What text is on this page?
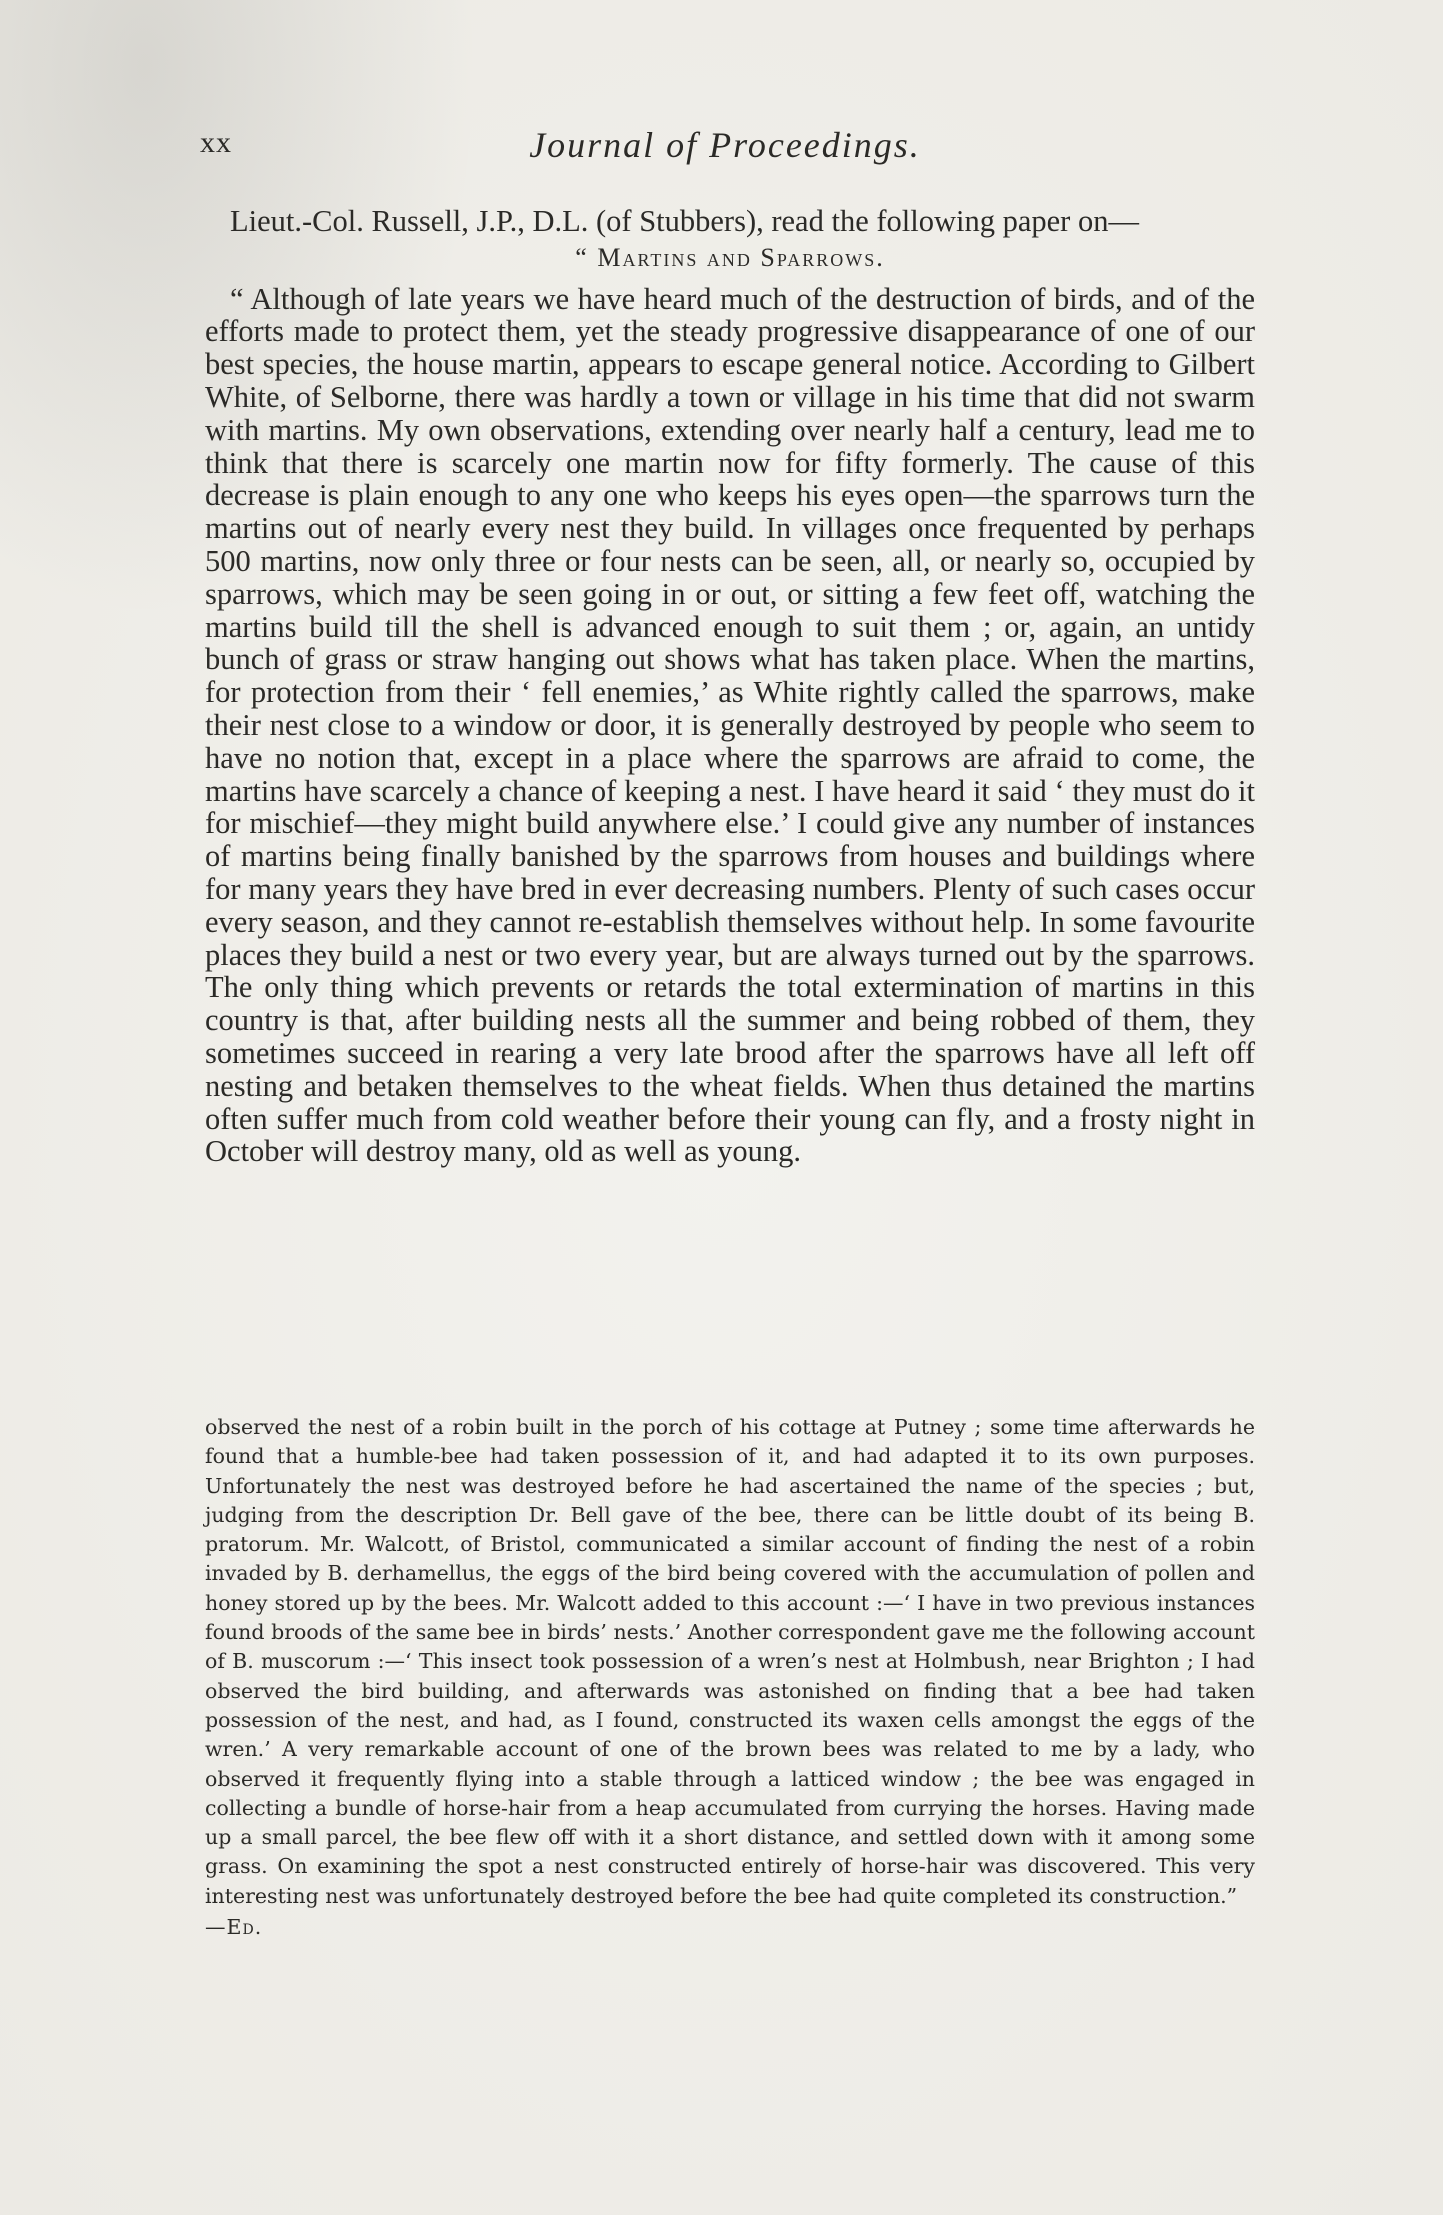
xx	Journal of Proceedings.

Lieut.-Col. Russell, J.P., D.L. (of Stubbers), read the following paper on—

“ Martins and Sparrows.

“ Although of late years we have heard much of the destruction of birds, and of the efforts made to protect them, yet the steady progressive disappearance of one of our best species, the house martin, appears to escape general notice. According to Gilbert White, of Selborne, there was hardly a town or village in his time that did not swarm with martins. My own observations, extending over nearly half a century, lead me to think that there is scarcely one martin now for fifty formerly. The cause of this decrease is plain enough to any one who keeps his eyes open—the sparrows turn the martins out of nearly every nest they build. In villages once frequented by perhaps 500 martins, now only three or four nests can be seen, all, or nearly so, occupied by sparrows, which may be seen going in or out, or sitting a few feet off, watching the martins build till the shell is advanced enough to suit them ; or, again, an untidy bunch of grass or straw hanging out shows what has taken place. When the martins, for protection from their ‘ fell enemies,’ as White rightly called the sparrows, make their nest close to a window or door, it is generally destroyed by people who seem to have no notion that, except in a place where the sparrows are afraid to come, the martins have scarcely a chance of keeping a nest. I have heard it said ‘ they must do it for mischief—they might build anywhere else.’ I could give any number of instances of martins being finally banished by the sparrows from houses and buildings where for many years they have bred in ever decreasing numbers. Plenty of such cases occur every season, and they cannot re-establish themselves without help. In some favourite places they build a nest or two every year, but are always turned out by the sparrows. The only thing which prevents or retards the total extermination of martins in this country is that, after building nests all the summer and being robbed of them, they sometimes succeed in rearing a very late brood after the sparrows have all left off nesting and betaken themselves to the wheat fields. When thus detained the martins often suffer much from cold weather before their young can fly, and a frosty night in October will destroy many, old as well as young.

observed the nest of a robin built in the porch of his cottage at Putney ; some time afterwards he found that a humble-bee had taken possession of it, and had adapted it to its own purposes. Unfortunately the nest was destroyed before he had ascertained the name of the species ; but, judging from the description Dr. Bell gave of the bee, there can be little doubt of its being B. pratorum. Mr. Walcott, of Bristol, communicated a similar account of finding the nest of a robin invaded by B. derhamellus, the eggs of the bird being covered with the accumulation of pollen and honey stored up by the bees. Mr. Walcott added to this account :—‘ I have in two previous instances found broods of the same bee in birds’ nests.’ Another correspondent gave me the following account of B. muscorum :—‘ This insect took possession of a wren’s nest at Holmbush, near Brighton ; I had observed the bird building, and afterwards was astonished on finding that a bee had taken possession of the nest, and had, as I found, constructed its waxen cells amongst the eggs of the wren.’ A very remarkable account of one of the brown bees was related to me by a lady, who observed it frequently flying into a stable through a latticed window ; the bee was engaged in collecting a bundle of horse-hair from a heap accumulated from currying the horses. Having made up a small parcel, the bee flew off with it a short distance, and settled down with it among some grass. On examining the spot a nest constructed entirely of horse-hair was discovered. This very interesting nest was unfortunately destroyed before the bee had quite completed its construction.”

—Ed.
